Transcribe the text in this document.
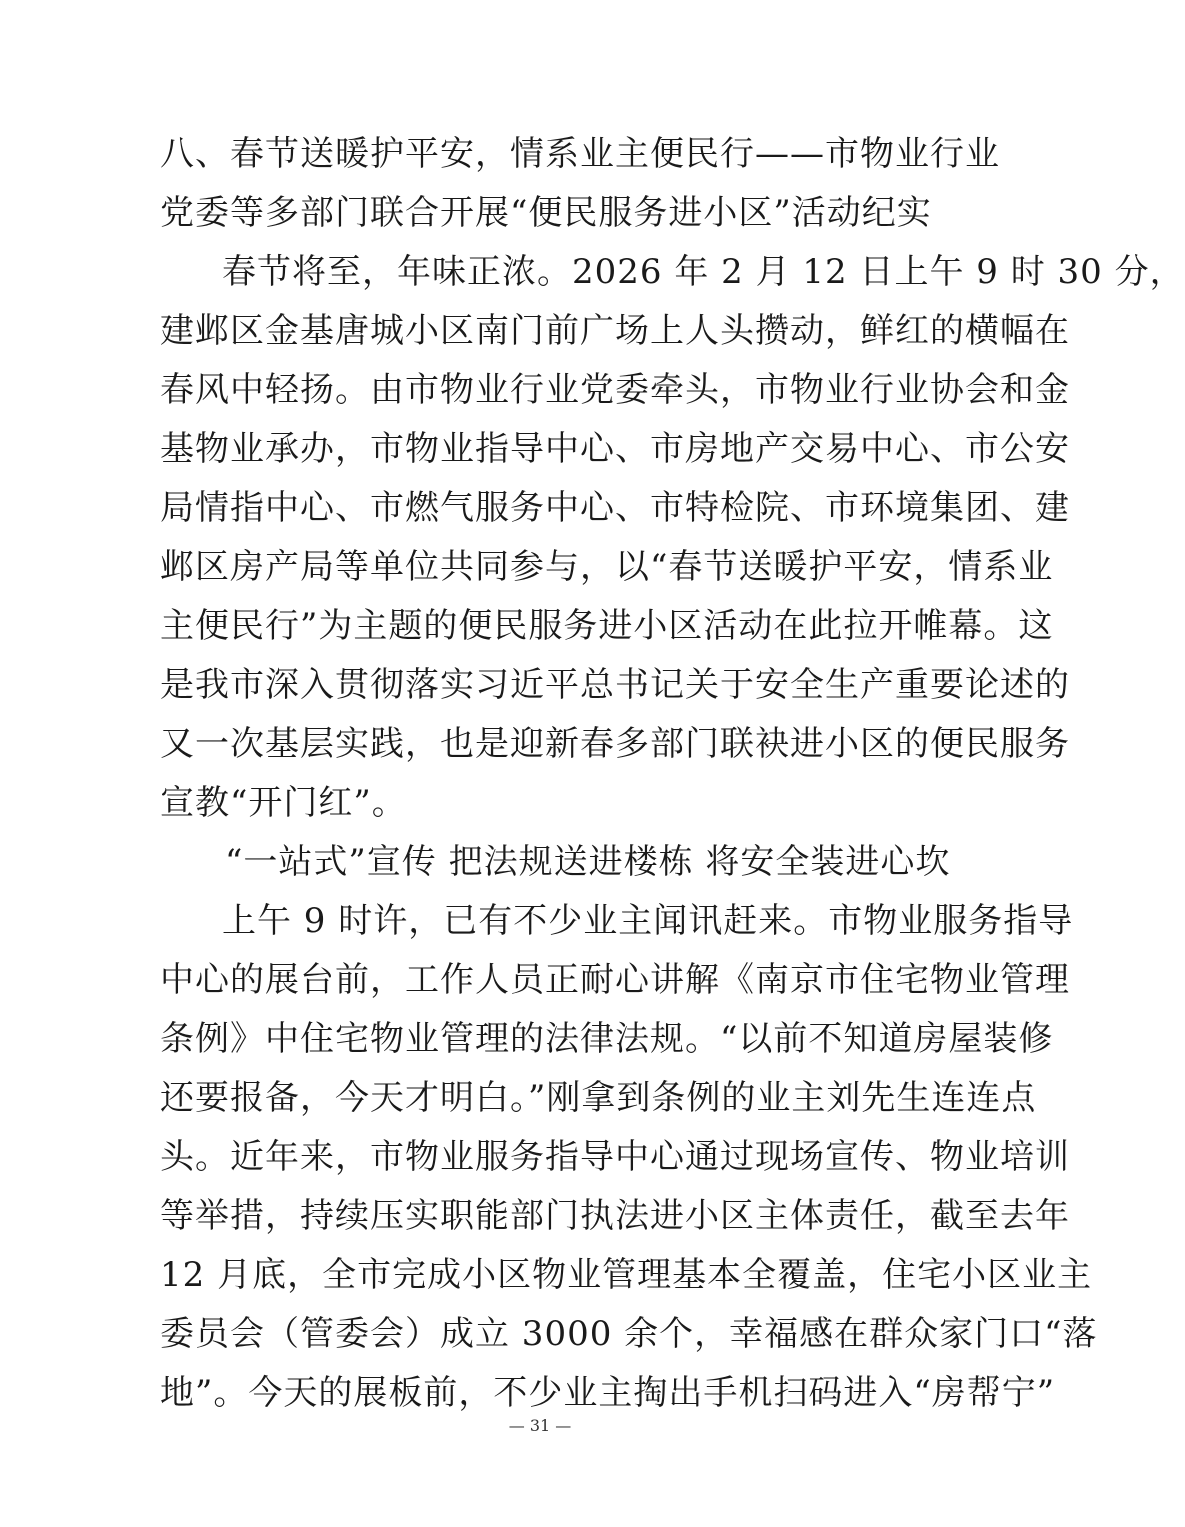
八、春节送暖护平安，情系业主便民行——市物业行业
党委等多部门联合开展“便民服务进小区”活动纪实
春节将至，年味正浓。2026 年 2 月 12 日上午 9 时 30 分，
建邺区金基唐城小区南门前广场上人头攒动，鲜红的横幅在
春风中轻扬。由市物业行业党委牵头，市物业行业协会和金
基物业承办，市物业指导中心、市房地产交易中心、市公安
局情指中心、市燃气服务中心、市特检院、市环境集团、建
邺区房产局等单位共同参与，以“春节送暖护平安，情系业
主便民行”为主题的便民服务进小区活动在此拉开帷幕。这
是我市深入贯彻落实习近平总书记关于安全生产重要论述的
又一次基层实践，也是迎新春多部门联袂进小区的便民服务
宣教“开门红”。
“一站式”宣传 把法规送进楼栋 将安全装进心坎
上午 9 时许，已有不少业主闻讯赶来。市物业服务指导
中心的展台前，工作人员正耐心讲解《南京市住宅物业管理
条例》中住宅物业管理的法律法规。“以前不知道房屋装修
还要报备，今天才明白。”刚拿到条例的业主刘先生连连点
头。近年来，市物业服务指导中心通过现场宣传、物业培训
等举措，持续压实职能部门执法进小区主体责任，截至去年
12 月底，全市完成小区物业管理基本全覆盖，住宅小区业主
委员会（管委会）成立 3000 余个，幸福感在群众家门口“落
地”。今天的展板前，不少业主掏出手机扫码进入“房帮宁”
— 31 —
